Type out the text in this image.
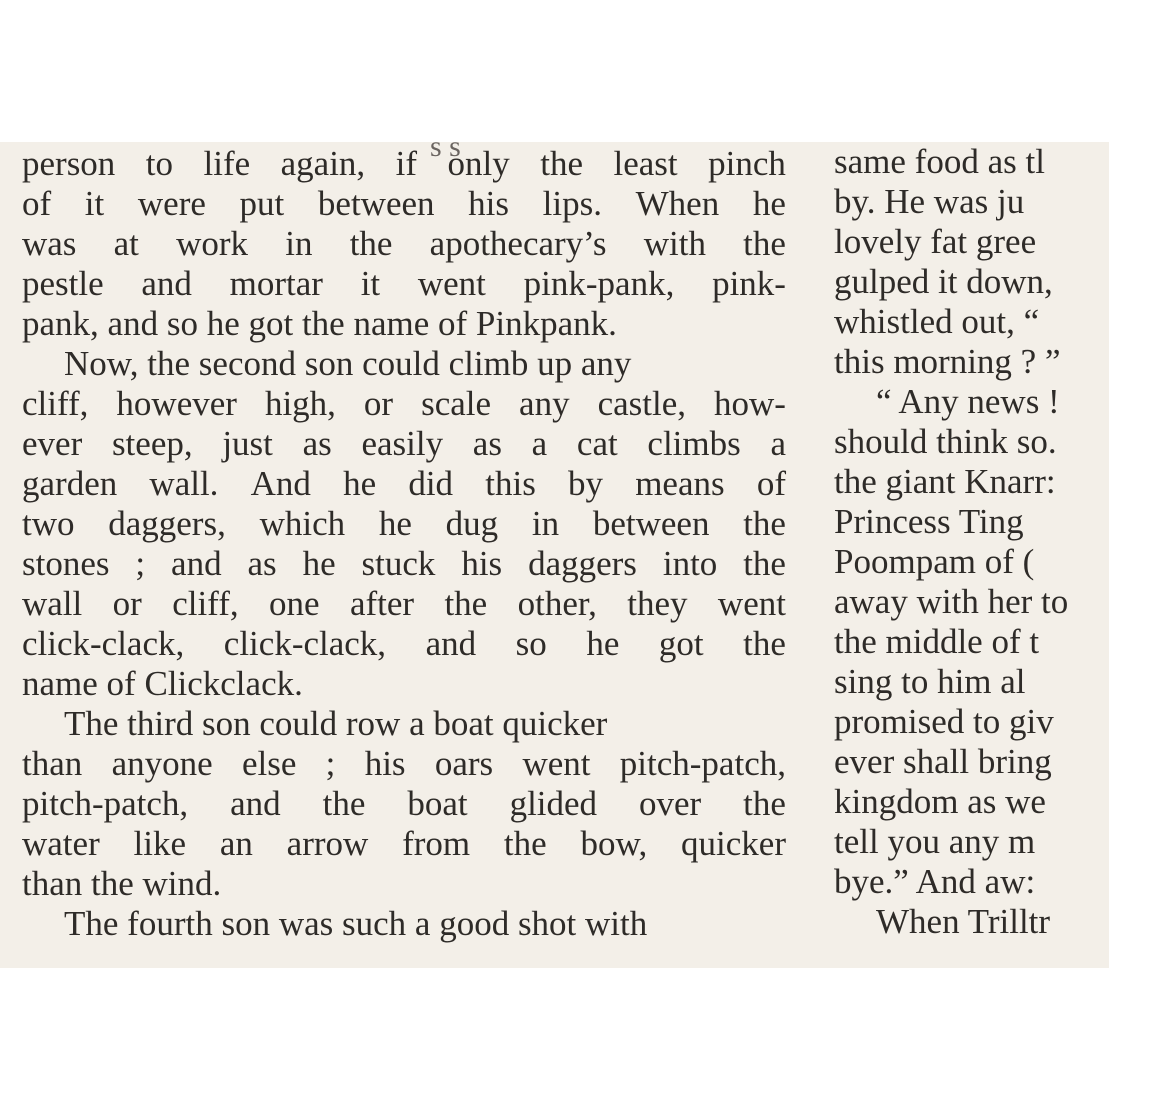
s s
person to life again, if only the least pinch
of it were put between his lips. When he
was at work in the apothecary’s with the
pestle and mortar it went pink-pank, pink-
pank, and so he got the name of Pinkpank.
Now, the second son could climb up any
cliff, however high, or scale any castle, how-
ever steep, just as easily as a cat climbs a
garden wall. And he did this by means of
two daggers, which he dug in between the
stones ; and as he stuck his daggers into the
wall or cliff, one after the other, they went
click-clack, click-clack, and so he got the
name of Clickclack.
The third son could row a boat quicker
than anyone else ; his oars went pitch-patch,
pitch-patch, and the boat glided over the
water like an arrow from the bow, quicker
than the wind.
The fourth son was such a good shot with
same food as tl
by. He was ju
lovely fat gree
gulped it down,
whistled out, “
this morning ? ”
“ Any news !
should think so.
the giant Knarr:
Princess Ting
Poompam of (
away with her to
the middle of t
sing to him al
promised to giv
ever shall bring
kingdom as we
tell you any m
bye.” And aw:
When Trilltr
